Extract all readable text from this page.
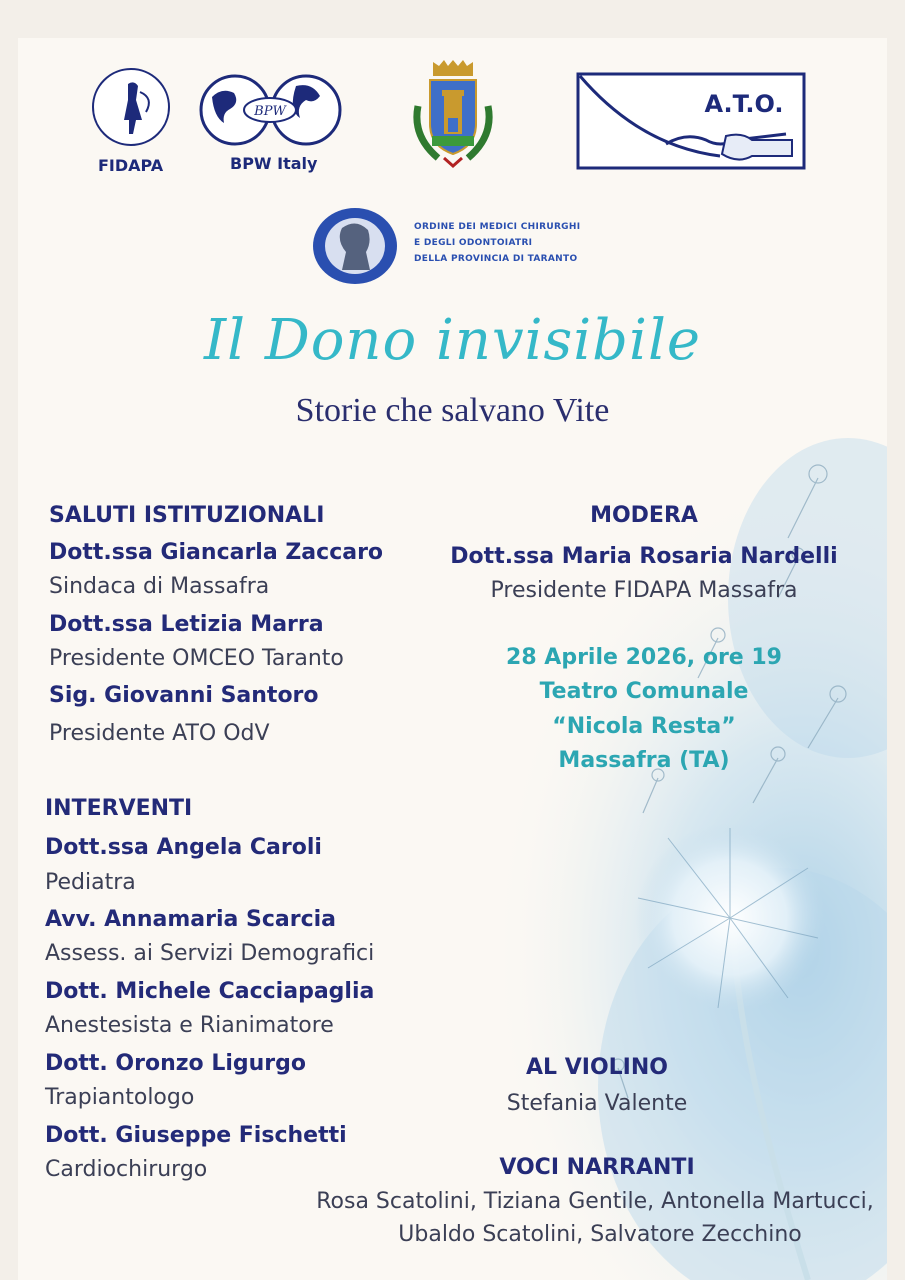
FIDAPA
BPW
BPW Italy
A.T.O.
ORDINE DEI MEDICI CHIRURGHI
E DEGLI ODONTOIATRI
DELLA PROVINCIA DI TARANTO
Il Dono invisibile
Storie che salvano Vite
SALUTI ISTITUZIONALI
Dott.ssa Giancarla Zaccaro
Sindaca di Massafra
Dott.ssa Letizia Marra
Presidente OMCEO Taranto
Sig. Giovanni Santoro
Presidente ATO OdV
MODERA
Dott.ssa Maria Rosaria Nardelli
Presidente FIDAPA Massafra
28 Aprile 2026, ore 19
Teatro Comunale
“Nicola Resta”
Massafra (TA)
INTERVENTI
Dott.ssa Angela Caroli
Pediatra
Avv. Annamaria Scarcia
Assess. ai Servizi Demografici
Dott. Michele Cacciapaglia
Anestesista e Rianimatore
Dott. Oronzo Ligurgo
Trapiantologo
Dott. Giuseppe Fischetti
Cardiochirurgo
AL VIOLINO
Stefania Valente
VOCI NARRANTI
Rosa Scatolini, Tiziana Gentile, Antonella Martucci,
Ubaldo Scatolini, Salvatore Zecchino
